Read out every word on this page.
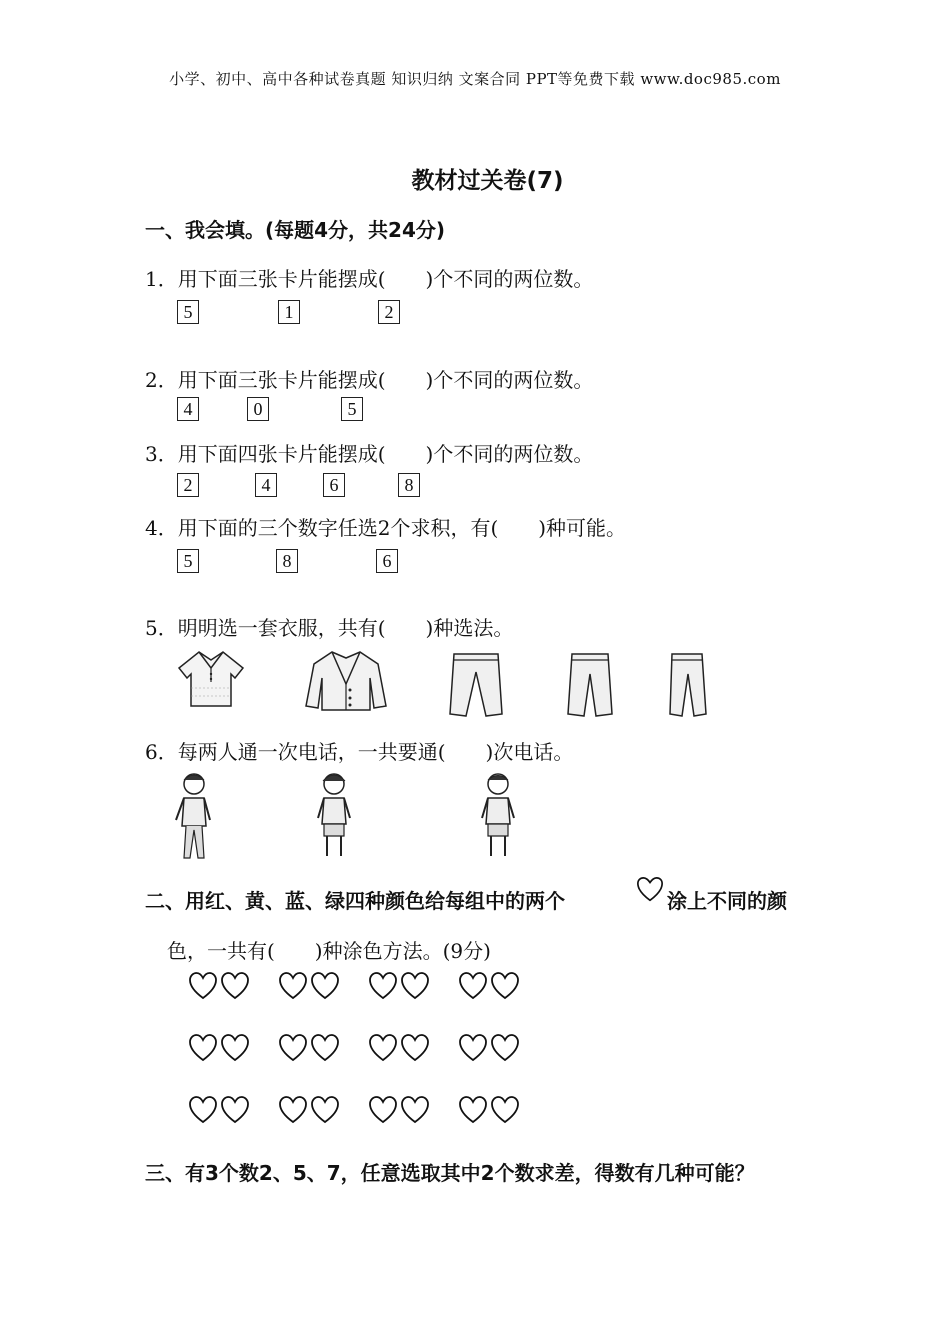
小学、初中、高中各种试卷真题 知识归纳 文案合同 PPT等免费下载 www.doc985.com
教材过关卷(7)
一、我会填。(每题4分，共24分)
1．用下面三张卡片能摆成(　　)个不同的两位数。
5	1	2
2．用下面三张卡片能摆成(　　)个不同的两位数。
4	0	5
3．用下面四张卡片能摆成(　　)个不同的两位数。
2	4	6	8
4．用下面的三个数字任选2个求积，有(　　)种可能。
5	8	6
5．明明选一套衣服，共有(　　)种选法。
6．每两人通一次电话，一共要通(　　)次电话。
二、用红、黄、蓝、绿四种颜色给每组中的两个	涂上不同的颜
色，一共有(　　)种涂色方法。(9分)
三、有3个数2、5、7，任意选取其中2个数求差，得数有几种可能？
